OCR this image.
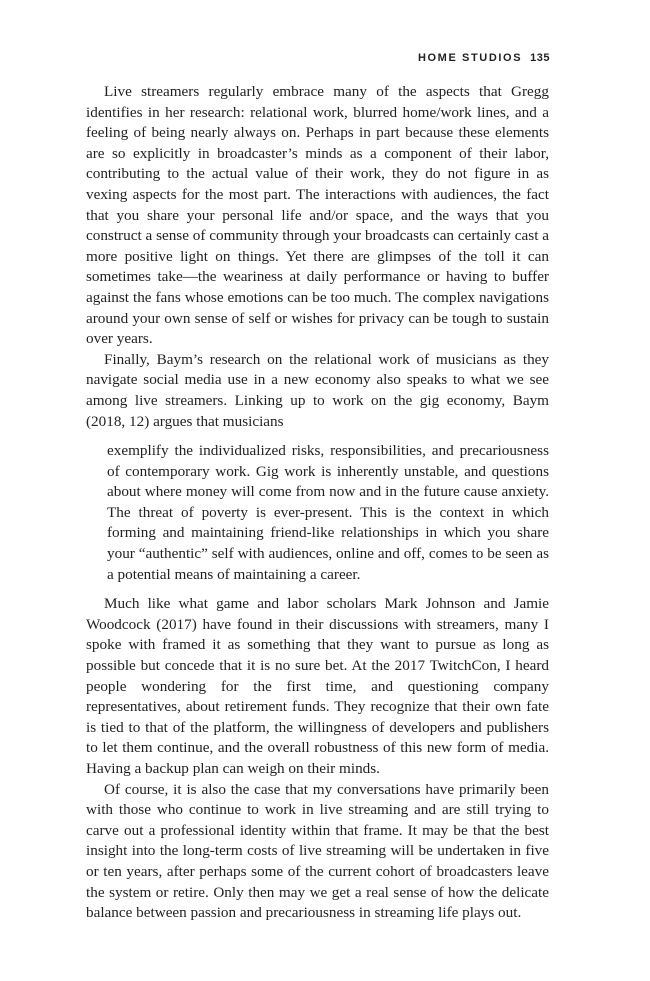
HOME STUDIOS 135

Live streamers regularly embrace many of the aspects that Gregg identifies in her research: relational work, blurred home/work lines, and a feeling of being nearly always on. Perhaps in part because these elements are so explicitly in broadcaster’s minds as a component of their labor, contributing to the actual value of their work, they do not figure in as vexing aspects for the most part. The interactions with audiences, the fact that you share your personal life and/or space, and the ways that you construct a sense of community through your broadcasts can certainly cast a more positive light on things. Yet there are glimpses of the toll it can sometimes take—the weariness at daily performance or having to buffer against the fans whose emotions can be too much. The complex navigations around your own sense of self or wishes for privacy can be tough to sustain over years.

Finally, Baym’s research on the relational work of musicians as they navigate social media use in a new economy also speaks to what we see among live streamers. Linking up to work on the gig economy, Baym (2018, 12) argues that musicians

exemplify the individualized risks, responsibilities, and precariousness of contemporary work. Gig work is inherently unstable, and questions about where money will come from now and in the future cause anxiety. The threat of poverty is ever-present. This is the context in which forming and maintaining friend-like relationships in which you share your “authentic” self with audiences, online and off, comes to be seen as a potential means of maintaining a career.

Much like what game and labor scholars Mark Johnson and Jamie Woodcock (2017) have found in their discussions with streamers, many I spoke with framed it as something that they want to pursue as long as possible but concede that it is no sure bet. At the 2017 TwitchCon, I heard people wondering for the first time, and questioning company representatives, about retirement funds. They recognize that their own fate is tied to that of the platform, the willingness of developers and publishers to let them continue, and the overall robustness of this new form of media. Having a backup plan can weigh on their minds.

Of course, it is also the case that my conversations have primarily been with those who continue to work in live streaming and are still trying to carve out a professional identity within that frame. It may be that the best insight into the long-term costs of live streaming will be undertaken in five or ten years, after perhaps some of the current cohort of broadcasters leave the system or retire. Only then may we get a real sense of how the delicate balance between passion and precariousness in streaming life plays out.
